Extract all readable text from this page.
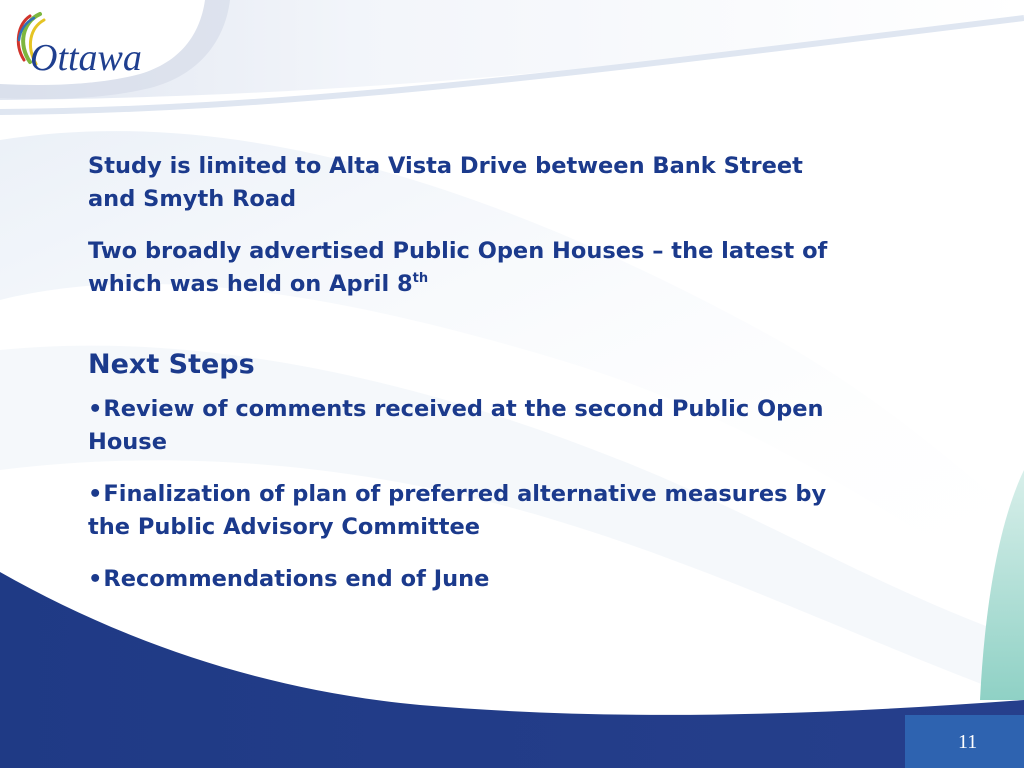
Ottawa

Study is limited to Alta Vista Drive between Bank Street and Smyth Road

Two broadly advertised Public Open Houses – the latest of which was held on April 8th

Next Steps

•Review of comments received at the second Public Open House

•Finalization of plan of preferred alternative measures by the Public Advisory Committee

•Recommendations end of June

11
